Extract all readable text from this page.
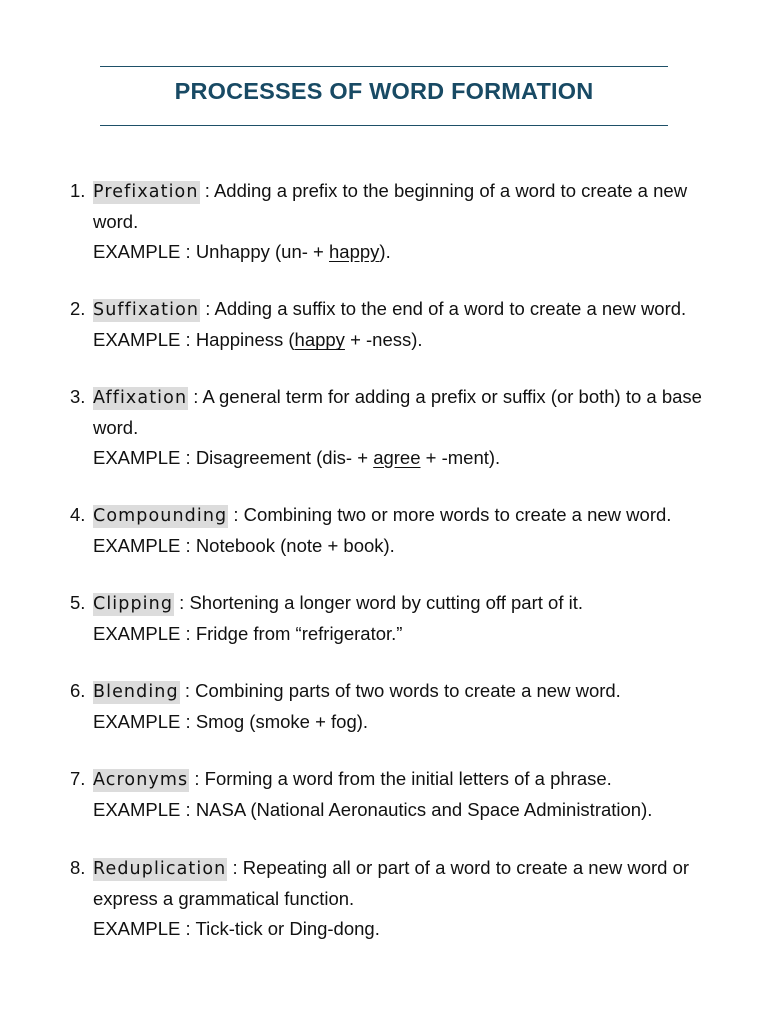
PROCESSES OF WORD FORMATION
1. Prefixation : Adding a prefix to the beginning of a word to create a new
word.
EXAMPLE : Unhappy (un- + happy).
2. Suffixation : Adding a suffix to the end of a word to create a new word.
EXAMPLE : Happiness (happy + -ness).
3. Affixation : A general term for adding a prefix or suffix (or both) to a base
word.
EXAMPLE : Disagreement (dis- + agree + -ment).
4. Compounding : Combining two or more words to create a new word.
EXAMPLE : Notebook (note + book).
5. Clipping : Shortening a longer word by cutting off part of it.
EXAMPLE : Fridge from “refrigerator.”
6. Blending : Combining parts of two words to create a new word.
EXAMPLE : Smog (smoke + fog).
7. Acronyms : Forming a word from the initial letters of a phrase.
EXAMPLE : NASA (National Aeronautics and Space Administration).
8. Reduplication : Repeating all or part of a word to create a new word or
express a grammatical function.
EXAMPLE : Tick-tick or Ding-dong.
